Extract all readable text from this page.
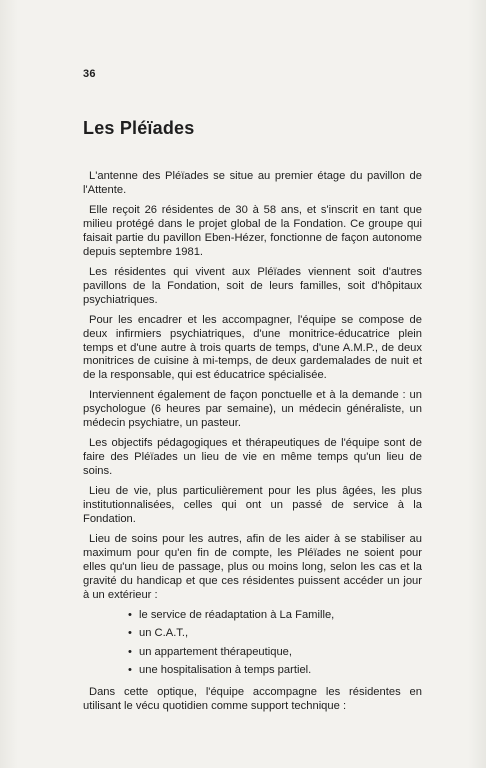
36
Les Pléïades

L'antenne des Pléïades se situe au premier étage du pavillon de l'Attente.

Elle reçoit 26 résidentes de 30 à 58 ans, et s'inscrit en tant que milieu protégé dans le projet global de la Fondation. Ce groupe qui faisait partie du pavillon Eben-Hézer, fonctionne de façon autonome depuis septembre 1981.

Les résidentes qui vivent aux Pléïades viennent soit d'autres pavillons de la Fondation, soit de leurs familles, soit d'hôpitaux psychiatriques.

Pour les encadrer et les accompagner, l'équipe se compose de deux infirmiers psychiatriques, d'une monitrice-éducatrice plein temps et d'une autre à trois quarts de temps, d'une A.M.P., de deux monitrices de cuisine à mi-temps, de deux gardemalades de nuit et de la responsable, qui est éducatrice spécialisée.

Interviennent également de façon ponctuelle et à la demande : un psychologue (6 heures par semaine), un médecin généraliste, un médecin psychiatre, un pasteur.

Les objectifs pédagogiques et thérapeutiques de l'équipe sont de faire des Pléïades un lieu de vie en même temps qu'un lieu de soins.

Lieu de vie, plus particulièrement pour les plus âgées, les plus institutionnalisées, celles qui ont un passé de service à la Fondation.

Lieu de soins pour les autres, afin de les aider à se stabiliser au maximum pour qu'en fin de compte, les Pléïades ne soient pour elles qu'un lieu de passage, plus ou moins long, selon les cas et la gravité du handicap et que ces résidentes puissent accéder un jour à un extérieur :

• le service de réadaptation à La Famille,
• un C.A.T.,
• un appartement thérapeutique,
• une hospitalisation à temps partiel.

Dans cette optique, l'équipe accompagne les résidentes en utilisant le vécu quotidien comme support technique :
